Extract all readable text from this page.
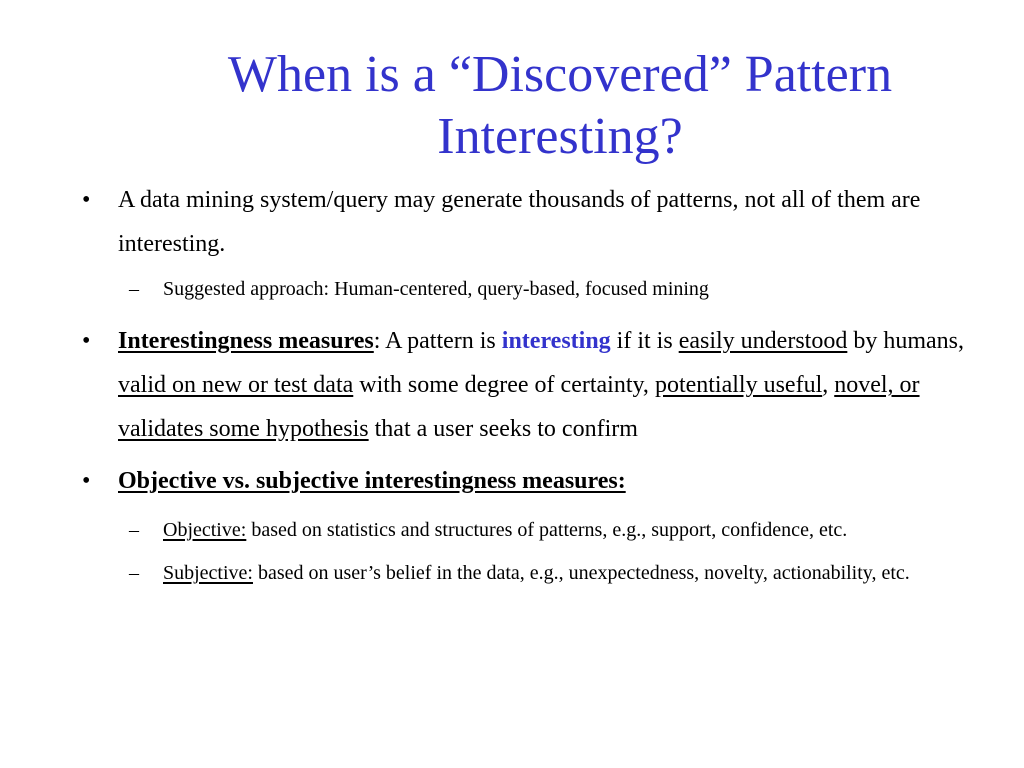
When is a “Discovered” Pattern
Interesting?
• A data mining system/query may generate thousands of patterns, not all of them are interesting.
– Suggested approach: Human-centered, query-based, focused mining
• Interestingness measures: A pattern is interesting if it is easily understood by humans, valid on new or test data with some degree of certainty, potentially useful, novel, or validates some hypothesis that a user seeks to confirm
• Objective vs. subjective interestingness measures:
– Objective: based on statistics and structures of patterns, e.g., support, confidence, etc.
– Subjective: based on user’s belief in the data, e.g., unexpectedness, novelty, actionability, etc.
